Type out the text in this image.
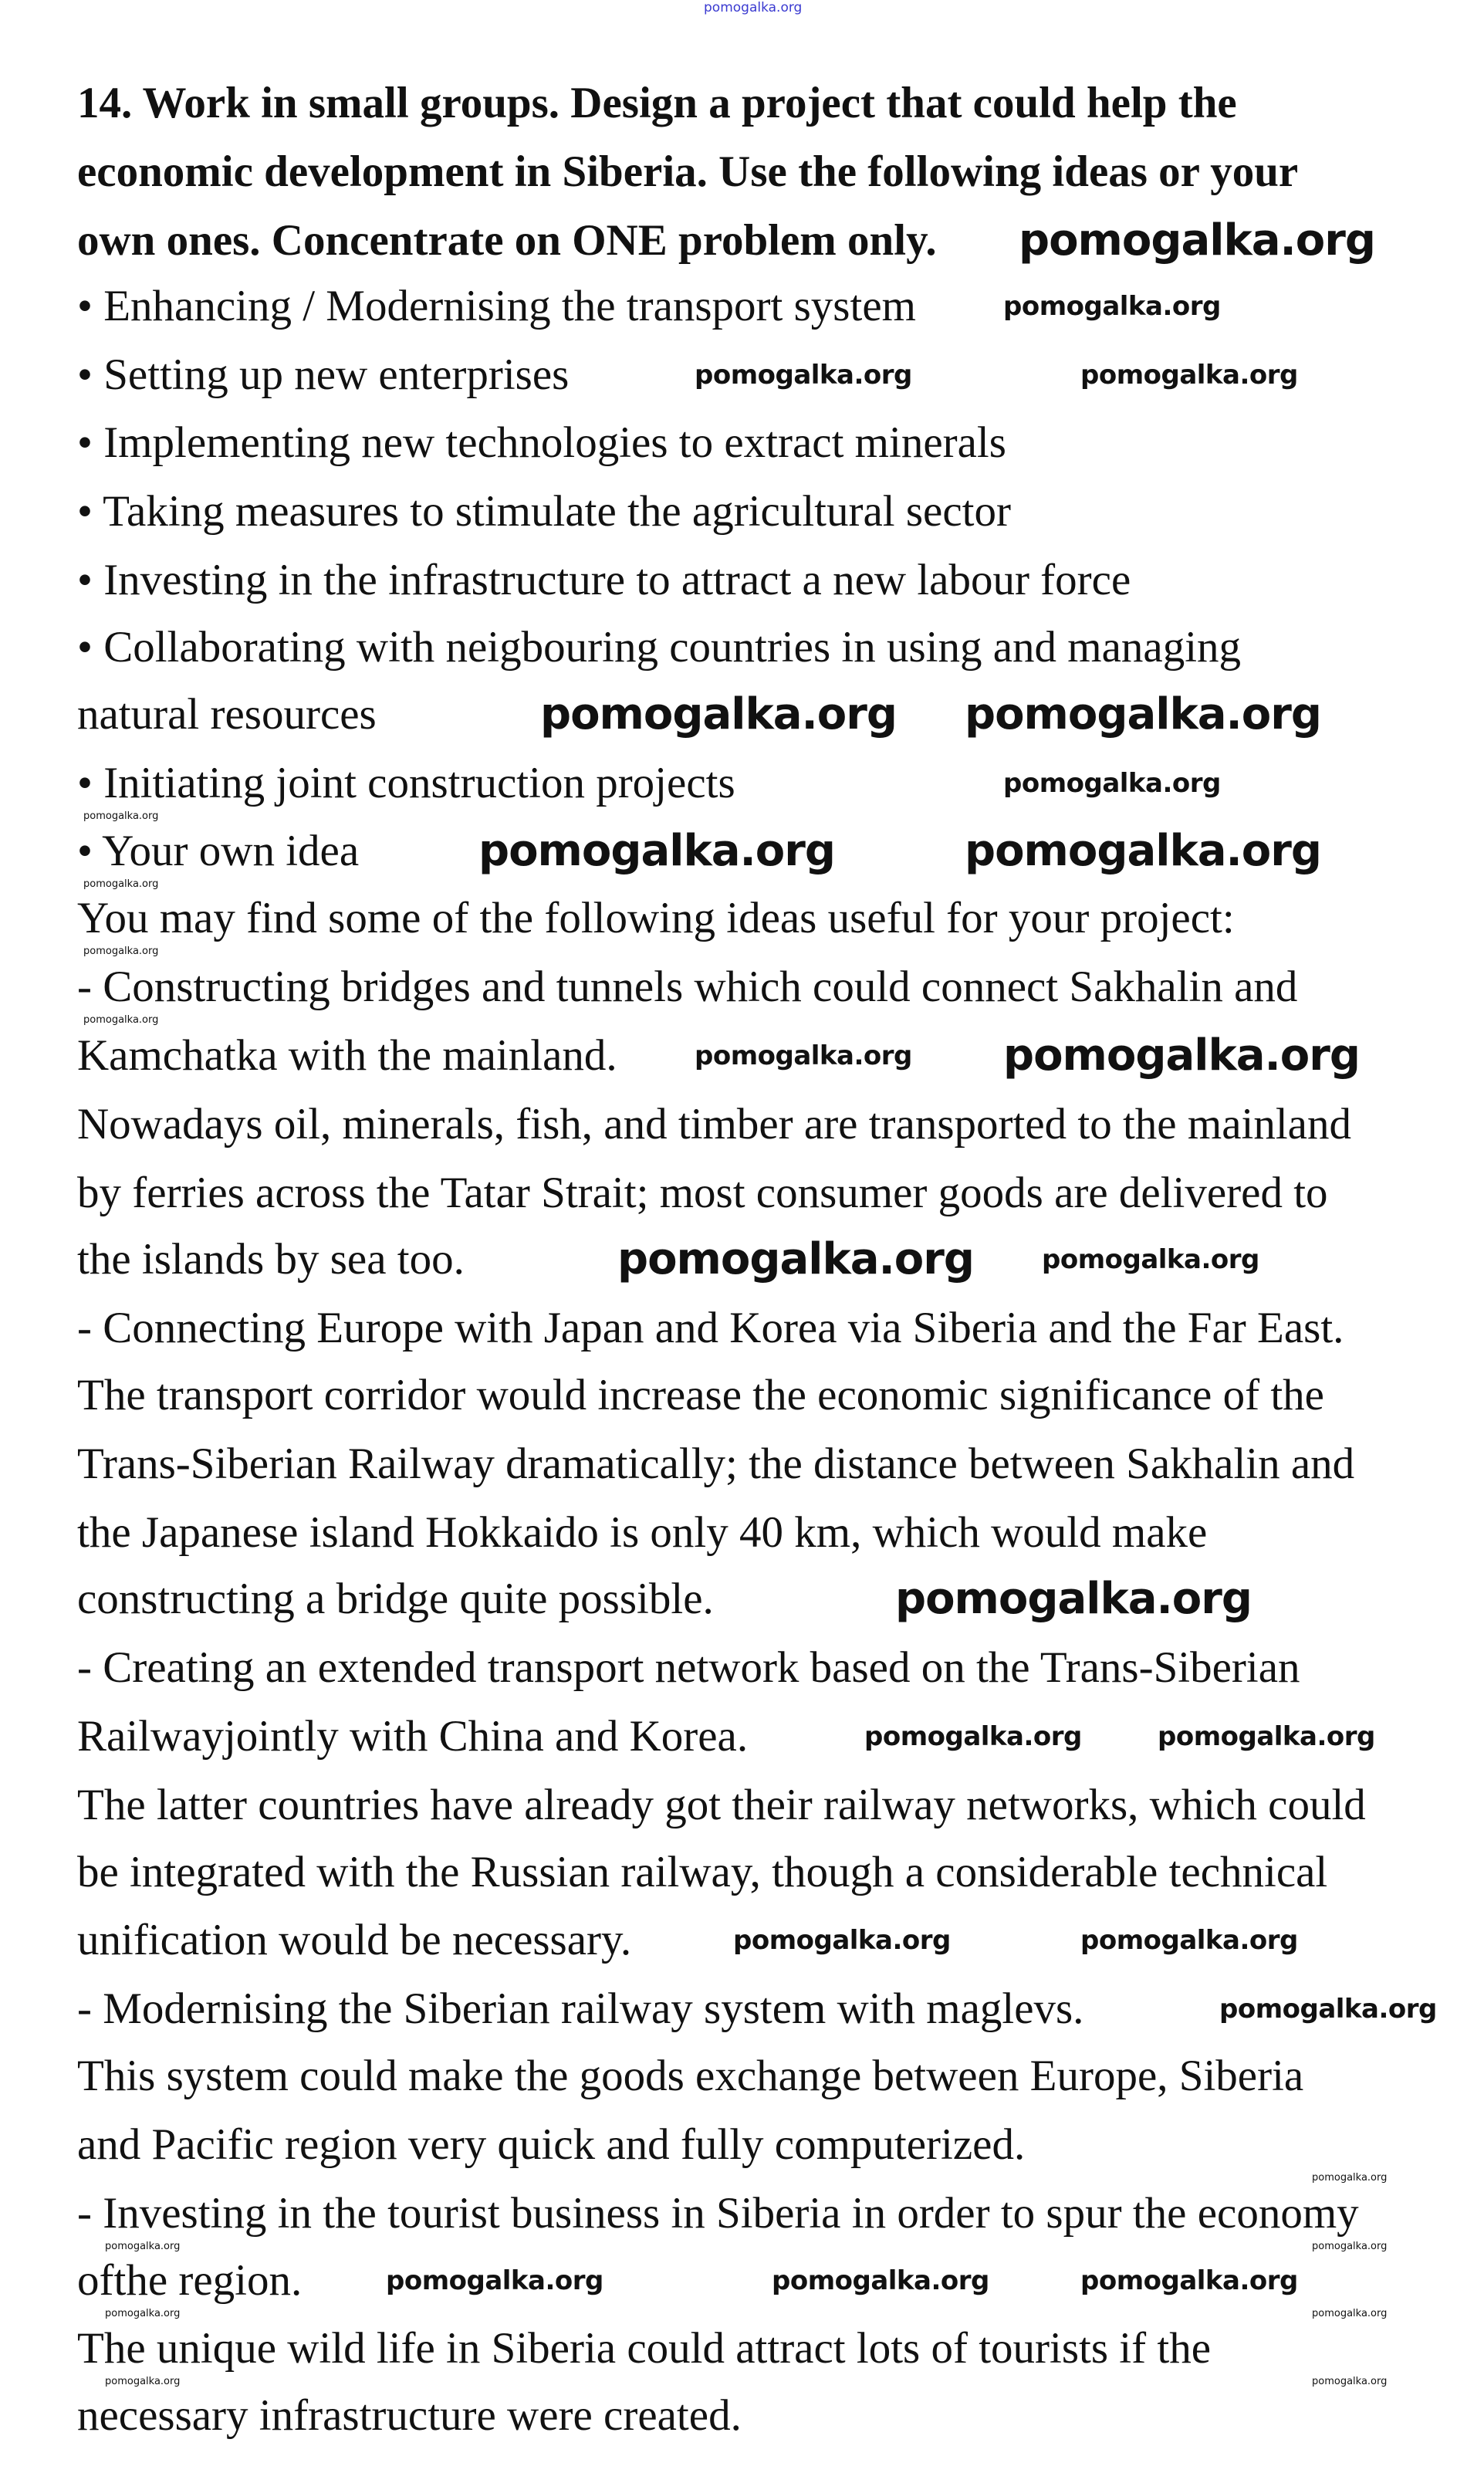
pomogalka.org
14. Work in small groups. Design a project that could help the
economic development in Siberia. Use the following ideas or your
own ones. Concentrate on ONE problem only.
• Enhancing / Modernising the transport system
• Setting up new enterprises
• Implementing new technologies to extract minerals
• Taking measures to stimulate the agricultural sector
• Investing in the infrastructure to attract a new labour force
• Collaborating with neigbouring countries in using and managing
natural resources
• Initiating joint construction projects
• Your own idea
You may find some of the following ideas useful for your project:
- Constructing bridges and tunnels which could connect Sakhalin and
Kamchatka with the mainland.
Nowadays oil, minerals, fish, and timber are transported to the mainland
by ferries across the Tatar Strait; most consumer goods are delivered to
the islands by sea too.
- Connecting Europe with Japan and Korea via Siberia and the Far East.
The transport corridor would increase the economic significance of the
Trans-Siberian Railway dramatically; the distance between Sakhalin and
the Japanese island Hokkaido is only 40 km, which would make
constructing a bridge quite possible.
- Creating an extended transport network based on the Trans-Siberian
Railwayjointly with China and Korea.
The latter countries have already got their railway networks, which could
be integrated with the Russian railway, though a considerable technical
unification would be necessary.
- Modernising the Siberian railway system with maglevs.
This system could make the goods exchange between Europe, Siberia
and Pacific region very quick and fully computerized.
- Investing in the tourist business in Siberia in order to spur the economy
ofthe region.
The unique wild life in Siberia could attract lots of tourists if the
necessary infrastructure were created.
pomogalka.org
pomogalka.org pomogalka.org
pomogalka.org	pomogalka.org
pomogalka.org
pomogalka.org
pomogalka.org
pomogalka.org
pomogalka.org	pomogalka.org
pomogalka.org
pomogalka.org
pomogalka.org
pomogalka.org	pomogalka.org
pomogalka.org	pomogalka.org
pomogalka.org
pomogalka.org	pomogalka.org	pomogalka.org
pomogalka.org
pomogalka.org
pomogalka.org
pomogalka.org
pomogalka.org
pomogalka.org
pomogalka.org
pomogalka.org
pomogalka.org
pomogalka.org
pomogalka.org
